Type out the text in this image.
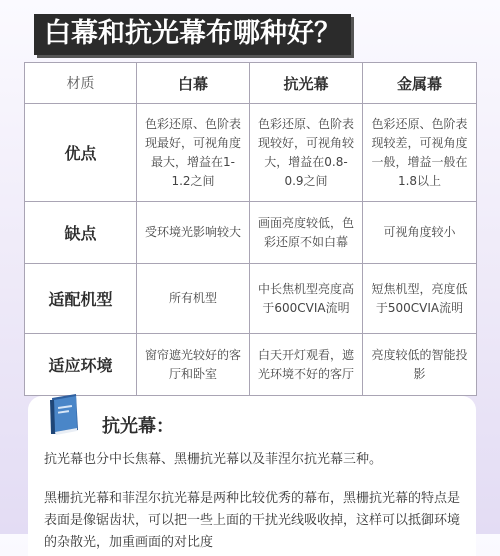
白幕和抗光幕布哪种好？
材质	白幕	抗光幕	金属幕
优点	色彩还原、色阶表现最好，可视角度最大，增益在1-1.2之间	色彩还原、色阶表现较好，可视角较大，增益在0.8-0.9之间	色彩还原、色阶表现较差，可视角度一般，增益一般在1.8以上
缺点	受环境光影响较大	画面亮度较低，色彩还原不如白幕	可视角度较小
适配机型	所有机型	中长焦机型亮度高于600CVIA流明	短焦机型，亮度低于500CVIA流明
适应环境	窗帘遮光较好的客厅和卧室	白天开灯观看，遮光环境不好的客厅	亮度较低的智能投影
抗光幕：

抗光幕也分中长焦幕、黑栅抗光幕以及菲涅尔抗光幕三种。

黑栅抗光幕和菲涅尔抗光幕是两种比较优秀的幕布，黑栅抗光幕的特点是表面是像锯齿状，可以把一些上面的干扰光线吸收掉，这样可以抵御环境的杂散光，加重画面的对比度
